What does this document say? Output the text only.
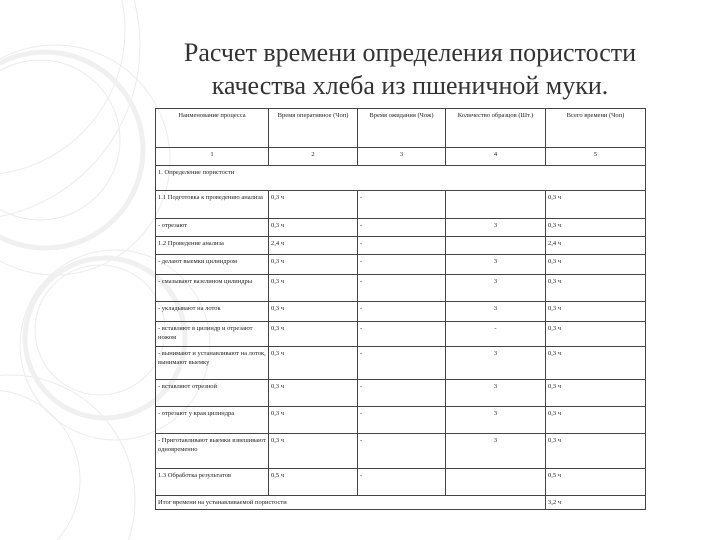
Расчет времени определения пористости
качества хлеба из пшеничной муки.
Наименование процесса	Время оперативное (Чоп)	Время ожидания (Чож)	Количество образцов (Шт.)	Всего времени (Чоп)
1	2	3	4	5
1. Определение пористости				
1.1 Подготовка к проведению анализа	0,3 ч	-		0,3 ч
- отрезают	0,3 ч	-	3	0,3 ч
1.2 Проведение анализа	2,4 ч	-		2,4 ч
- делают выемки цилиндром	0,3 ч	-	3	0,3 ч
- смазывают вазелином цилиндры	0,3 ч	-	3	0,3 ч
- укладывают на лоток	0,3 ч	-	3	0,3 ч
- вставляют в цилиндр и отрезают ножом	0,3 ч	-	-	0,3 ч
- вынимают и устанавливают на лоток, вынимают выемку	0,3 ч	-	3	0,3 ч
- вставляют отрезной	0,3 ч	-	3	0,3 ч
- отрезают у края цилиндра	0,3 ч	-	3	0,3 ч
- Приготавливают выемки взвешивают одновременно	0,3 ч	-	3	0,3 ч
1.3 Обработка результатов	0,5 ч	-		0,5 ч
Итог времени на устанавливаемой пористости				3,2 ч
